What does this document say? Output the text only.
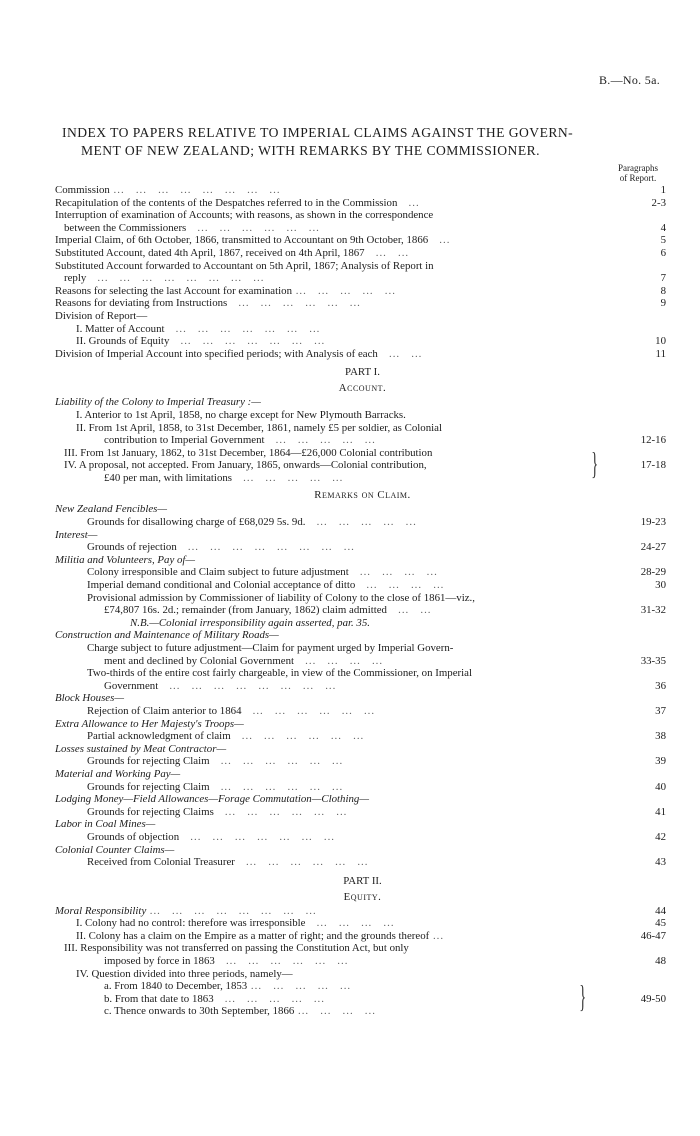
B.—No. 5a.
INDEX TO PAPERS RELATIVE TO IMPERIAL CLAIMS AGAINST THE GOVERN-
MENT OF NEW ZEALAND; WITH REMARKS BY THE COMMISSIONER.
Paragraphs
of Report.
Commission ...   ...   ...   ...   ...   ...   ...   ...	1
Recapitulation of the contents of the Despatches referred to in the Commission   ...	2-3
Interruption of examination of Accounts; with reasons, as shown in the correspondence
between the Commissioners   ...   ...   ...   ...   ...   ...	4
Imperial Claim, of 6th October, 1866, transmitted to Accountant on 9th October, 1866   ...	5
Substituted Account, dated 4th April, 1867, received on 4th April, 1867   ...   ...	6
Substituted Account forwarded to Accountant on 5th April, 1867; Analysis of Report in
reply   ...   ...   ...   ...   ...   ...   ...   ...	7
Reasons for selecting the last Account for examination ...   ...   ...   ...   ...	8
Reasons for deviating from Instructions   ...   ...   ...   ...   ...   ...	9
Division of Report—
I. Matter of Account   ...   ...   ...   ...   ...   ...   ...
II. Grounds of Equity   ...   ...   ...   ...   ...   ...   ...	10
Division of Imperial Account into specified periods; with Analysis of each   ...   ...	11
PART I.
Account.
Liability of the Colony to Imperial Treasury :—
I. Anterior to 1st April, 1858, no charge except for New Plymouth Barracks.
II. From 1st April, 1858, to 31st December, 1861, namely £5 per soldier, as Colonial
contribution to Imperial Government   ...   ...   ...   ...   ...	12-16
III. From 1st January, 1862, to 31st December, 1864—£26,000 Colonial contribution
IV. A proposal, not accepted. From January, 1865, onwards—Colonial contribution,	17-18
£40 per man, with limitations   ...   ...   ...   ...   ...	}
Remarks on Claim.
New Zealand Fencibles—
Grounds for disallowing charge of £68,029 5s. 9d.   ...   ...   ...   ...   ...	19-23
Interest—
Grounds of rejection   ...   ...   ...   ...   ...   ...   ...   ...	24-27
Militia and Volunteers, Pay of—
Colony irresponsible and Claim subject to future adjustment   ...   ...   ...   ...	28-29
Imperial demand conditional and Colonial acceptance of ditto   ...   ...   ...   ...	30
Provisional admission by Commissioner of liability of Colony to the close of 1861—viz.,
£74,807 16s. 2d.; remainder (from January, 1862) claim admitted   ...   ...	31-32
N.B.—Colonial irresponsibility again asserted, par. 35.
Construction and Maintenance of Military Roads—
Charge subject to future adjustment—Claim for payment urged by Imperial Govern-
ment and declined by Colonial Government   ...   ...   ...   ...	33-35
Two-thirds of the entire cost fairly chargeable, in view of the Commissioner, on Imperial
Government   ...   ...   ...   ...   ...   ...   ...   ...	36
Block Houses—
Rejection of Claim anterior to 1864   ...   ...   ...   ...   ...   ...	37
Extra Allowance to Her Majesty's Troops—
Partial acknowledgment of claim   ...   ...   ...   ...   ...   ...	38
Losses sustained by Meat Contractor—
Grounds for rejecting Claim   ...   ...   ...   ...   ...   ...	39
Material and Working Pay—
Grounds for rejecting Claim   ...   ...   ...   ...   ...   ...	40
Lodging Money—Field Allowances—Forage Commutation—Clothing—
Grounds for rejecting Claims   ...   ...   ...   ...   ...   ...	41
Labor in Coal Mines—
Grounds of objection   ...   ...   ...   ...   ...   ...   ...	42
Colonial Counter Claims—
Received from Colonial Treasurer   ...   ...   ...   ...   ...   ...	43
PART II.
Equity.
Moral Responsibility ...   ...   ...   ...   ...   ...   ...   ...	44
I. Colony had no control: therefore was irresponsible   ...   ...   ...   ...	45
II. Colony has a claim on the Empire as a matter of right; and the grounds thereof ...	46-47
III. Responsibility was not transferred on passing the Constitution Act, but only
imposed by force in 1863   ...   ...   ...   ...   ...   ...	48
IV. Question divided into three periods, namely—
a. From 1840 to December, 1853 ...   ...   ...   ...   ...
b. From that date to 1863   ...   ...   ...   ...   ...	49-50
c. Thence onwards to 30th September, 1866 ...   ...   ...   ...	}
